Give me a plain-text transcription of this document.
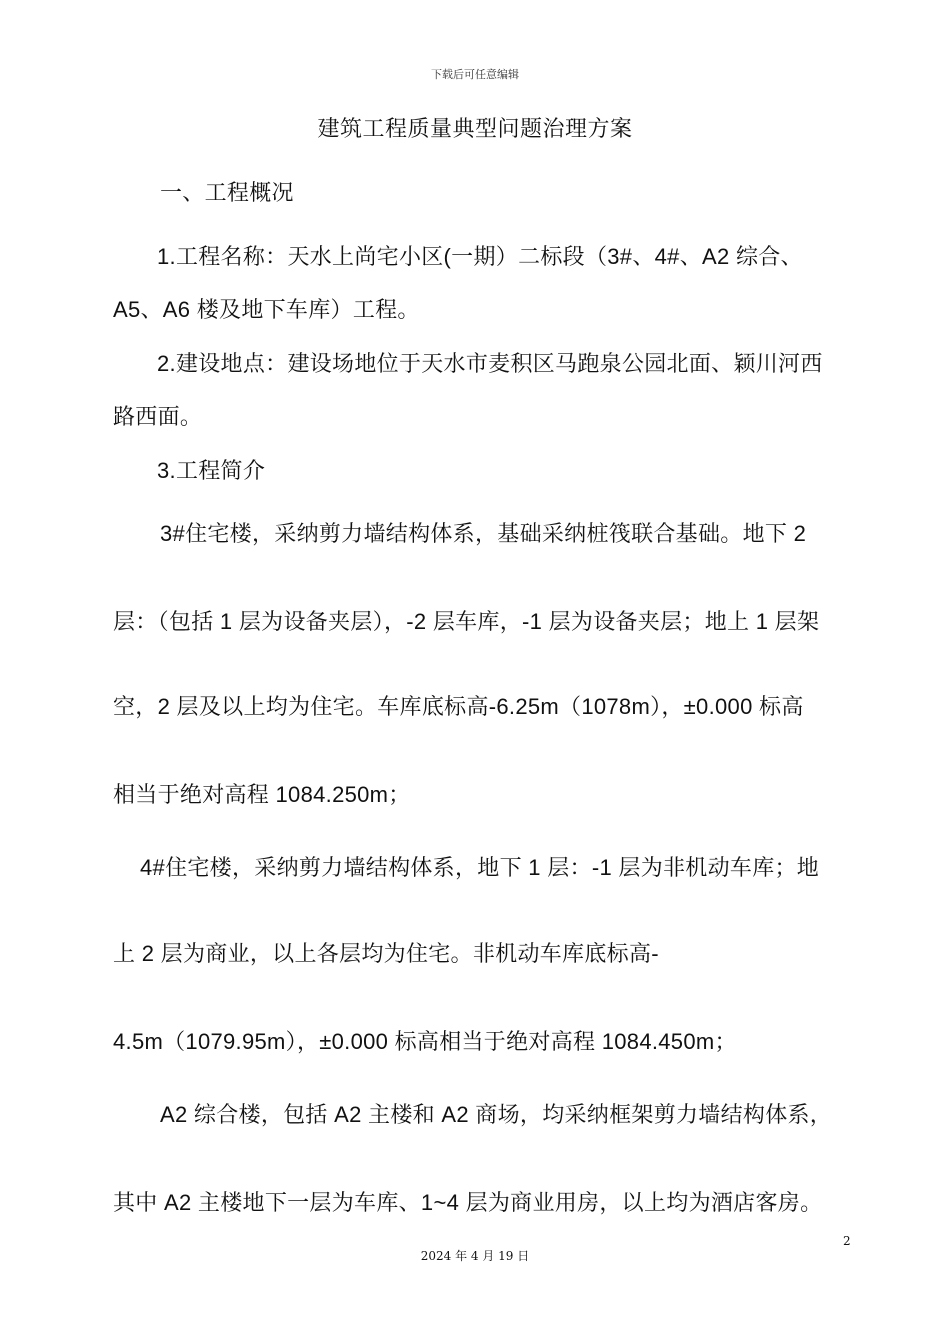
下载后可任意编辑
建筑工程质量典型问题治理方案
一、工程概况
1.工程名称：天水上尚宅小区(一期）二标段（3#、4#、A2 综合、
A5、A6 楼及地下车库）工程。
2.建设地点：建设场地位于天水市麦积区马跑泉公园北面、颖川河西
路西面。
3.工程简介
3#住宅楼，采纳剪力墙结构体系，基础采纳桩筏联合基础。地下 2
层：（包括 1 层为设备夹层），-2 层车库，-1 层为设备夹层；地上 1 层架
空，2 层及以上均为住宅。车库底标高-6.25m（1078m），±0.000 标高
相当于绝对高程 1084.250m；
4#住宅楼，采纳剪力墙结构体系，地下 1 层：-1 层为非机动车库；地
上 2 层为商业，以上各层均为住宅。非机动车库底标高-
4.5m（1079.95m），±0.000 标高相当于绝对高程 1084.450m；
A2 综合楼，包括 A2 主楼和 A2 商场，均采纳框架剪力墙结构体系，
其中 A2 主楼地下一层为车库、1~4 层为商业用房，以上均为酒店客房。
2
2024 年 4 月 19 日
